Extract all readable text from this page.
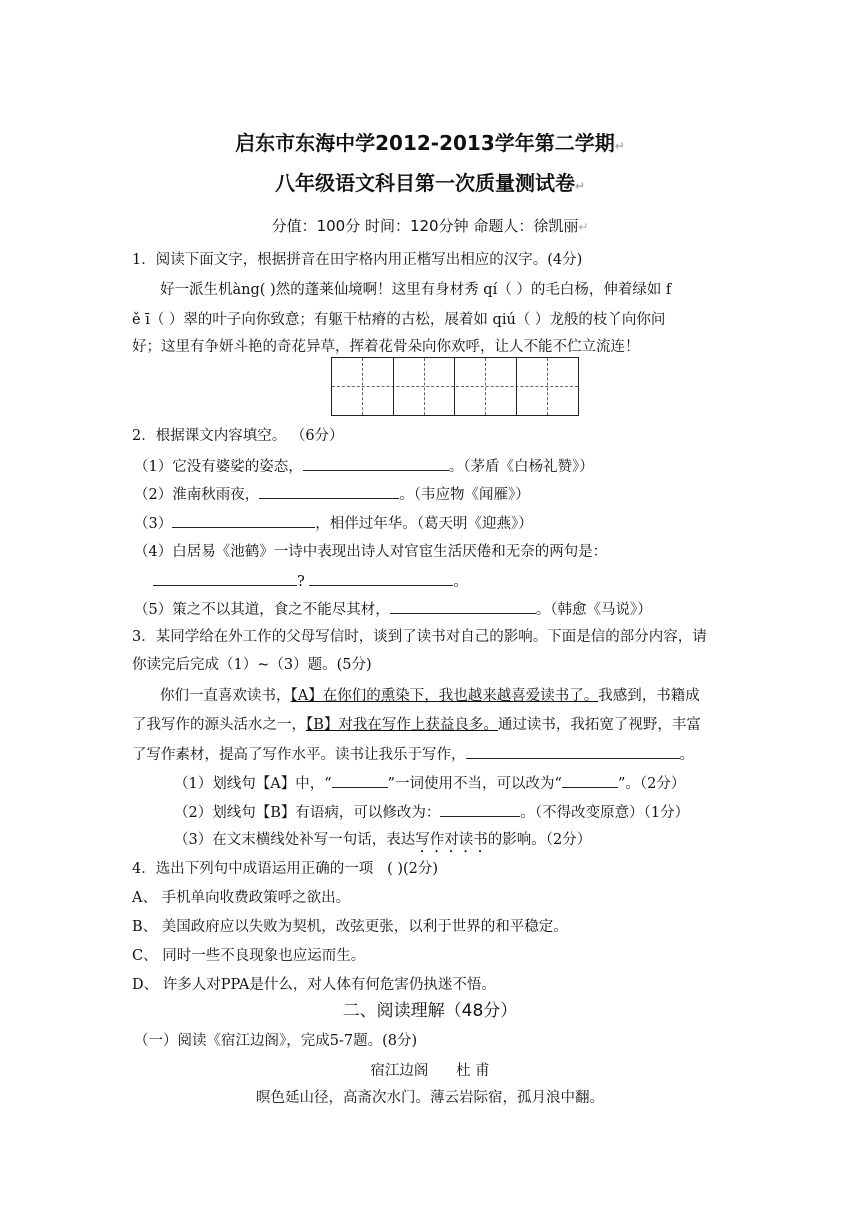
启东市东海中学2012-2013学年第二学期↵
八年级语文科目第一次质量测试卷↵
分值：100分 时间：120分钟 命题人：徐凯丽↵
1．阅读下面文字，根据拼音在田字格内用正楷写出相应的汉字。(4分)
好一派生机àng( )然的蓬莱仙境啊！这里有身材秀 qí（ ）的毛白杨，伸着绿如 f
ě ī（ ）翠的叶子向你致意；有躯干枯瘠的古松，展着如 qiú（ ）龙般的枝丫向你问
好；这里有争妍斗艳的奇花异草，挥着花骨朵向你欢呼，让人不能不伫立流连！
2．根据课文内容填空。 （6分）
（1）它没有婆娑的姿态，	。（茅盾《白杨礼赞》）
（2）淮南秋雨夜，	。（韦应物《闻雁》）
（3）	，相伴过年华。（葛天明《迎燕》）
（4）白居易《池鹤》一诗中表现出诗人对官宦生活厌倦和无奈的两句是：
?	。
（5）策之不以其道，食之不能尽其材，	。（韩愈《马说》）
3．某同学给在外工作的父母写信时，谈到了读书对自己的影响。下面是信的部分内容，请
你读完后完成（1）~（3）题。(5分)
你们一直喜欢读书，【A】在你们的熏染下，我也越来越喜爱读书了。我感到，书籍成
了我写作的源头活水之一，【B】对我在写作上获益良多。通过读书，我拓宽了视野，丰富
了写作素材，提高了写作水平。读书让我乐于写作，	。
（1）划线句【A】中，“	”一词使用不当，可以改为“	”。（2分）
（2）划线句【B】有语病，可以修改为：	。（不得改变原意）（1分）
（3）在文末横线处补写一句话，表达写作对读书的影响。（2分）
4．选出下列句中成语运用正确的一项 ( )(2分)
A、 手机单向收费政策呼之欲出。
B、 美国政府应以失败为契机，改弦更张，以利于世界的和平稳定。
C、 同时一些不良现象也应运而生。
D、 许多人对PPA是什么，对人体有何危害仍执迷不悟。
二、阅读理解（48分）
（一）阅读《宿江边阁》，完成5-7题。(8分)
宿江边阁 杜 甫
暝色延山径，高斋次水门。薄云岩际宿，孤月浪中翻。
